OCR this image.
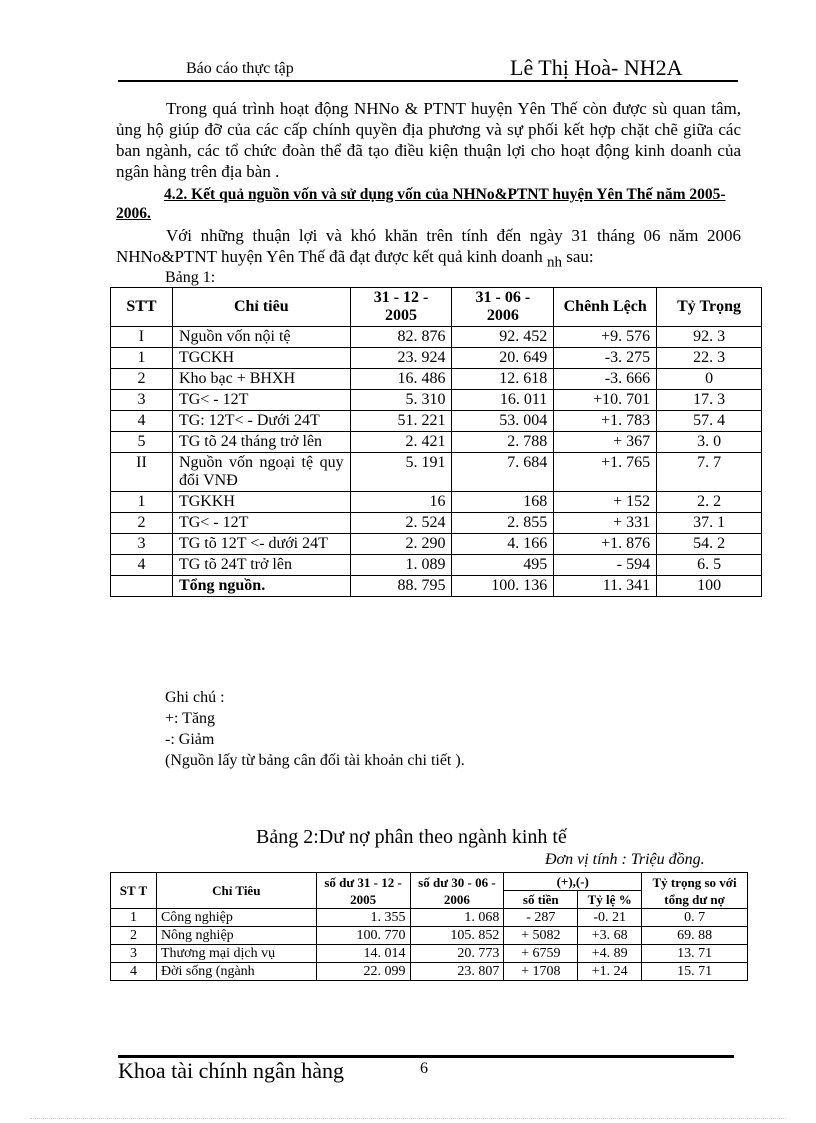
Báo cáo thực tập	Lê Thị Hoà- NH2A
Trong quá trình hoạt động NHNo & PTNT huyện Yên Thế còn được sù quan tâm, ủng hộ giúp đỡ của các cấp chính quyền địa phương và sự phối kết hợp chặt chẽ giữa các ban ngành, các tổ chức đoàn thể đã tạo điều kiện thuận lợi cho hoạt động kinh doanh của ngân hàng trên địa bàn .
4.2. Kết quả nguồn vốn và sử dụng vốn của NHNo&PTNT huyện Yên Thế năm 2005-2006.
Với những thuận lợi và khó khăn trên tính đến ngày 31 tháng 06 năm 2006 NHNo&PTNT huyện Yên Thế đã đạt được kết quả kinh doanh $_{nh}$ sau:
Bảng 1:
STT	Chỉ tiêu	31 - 12 - 2005	31 - 06 - 2006	Chênh Lệch	Tỷ Trọng
I	Nguồn vốn nội tệ	82. 876	92. 452	+9. 576	92. 3
1	TGCKH	23. 924	20. 649	-3. 275	22. 3
2	Kho bạc + BHXH	16. 486	12. 618	-3. 666	0
3	TG< - 12T	5. 310	16. 011	+10. 701	17. 3
4	TG: 12T< - Dưới 24T	51. 221	53. 004	+1. 783	57. 4
5	TG tõ 24 tháng trở lên	2. 421	2. 788	+ 367	3. 0
II	Nguồn vốn ngoại tệ quy đổi VNĐ	5. 191	7. 684	+1. 765	7. 7
1	TGKKH	16	168	+ 152	2. 2
2	TG< - 12T	2. 524	2. 855	+ 331	37. 1
3	TG tõ 12T <- dưới 24T	2. 290	4. 166	+1. 876	54. 2
4	TG tõ 24T trở lên	1. 089	495	- 594	6. 5
	Tổng nguồn.	88. 795	100. 136	11. 341	100
Ghi chú :
+: Tăng
-: Giảm
(Nguồn lấy từ bảng cân đối tài khoản chi tiết ).
Bảng 2:Dư nợ phân theo ngành kinh tế
Đơn vị tính : Triệu đồng.
ST T	Chỉ Tiêu	số dư 31 - 12 - 2005	số dư 30 - 06 - 2006	(+),(-)		Tỷ trọng so với tổng dư nợ
				số tiền	Tỷ lệ %	
1	Công nghiệp	1. 355	1. 068	- 287	-0. 21	0. 7
2	Nông nghiệp	100. 770	105. 852	+ 5082	+3. 68	69. 88
3	Thương mại dịch vụ	14. 014	20. 773	+ 6759	+4. 89	13. 71
4	Đời sống (ngành	22. 099	23. 807	+ 1708	+1. 24	15. 71
Khoa tài chính ngân hàng	6
